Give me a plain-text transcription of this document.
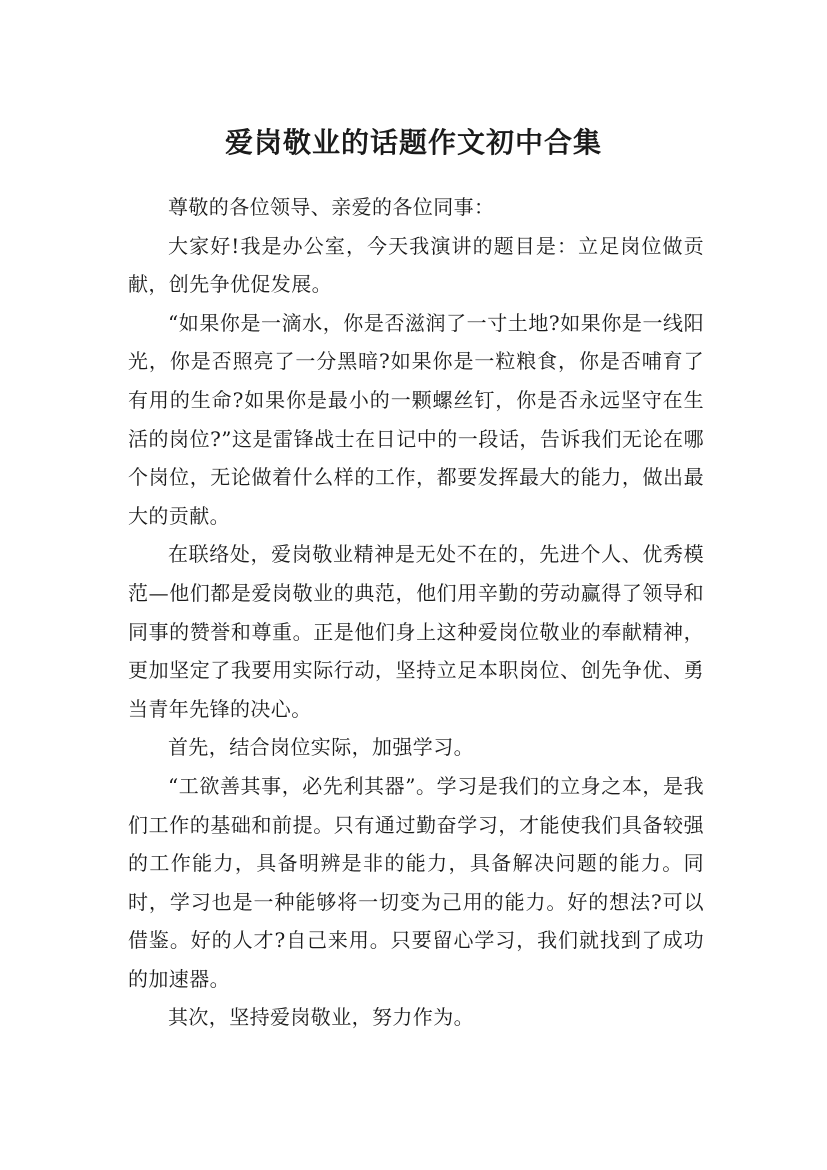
爱岗敬业的话题作文初中合集

尊敬的各位领导、亲爱的各位同事：

大家好!我是办公室，今天我演讲的题目是：立足岗位做贡献，创先争优促发展。

“如果你是一滴水，你是否滋润了一寸土地?如果你是一线阳光，你是否照亮了一分黑暗?如果你是一粒粮食，你是否哺育了有用的生命?如果你是最小的一颗螺丝钉，你是否永远坚守在生活的岗位?”这是雷锋战士在日记中的一段话，告诉我们无论在哪个岗位，无论做着什么样的工作，都要发挥最大的能力，做出最大的贡献。

在联络处，爱岗敬业精神是无处不在的，先进个人、优秀模范—他们都是爱岗敬业的典范，他们用辛勤的劳动赢得了领导和同事的赞誉和尊重。正是他们身上这种爱岗位敬业的奉献精神，更加坚定了我要用实际行动，坚持立足本职岗位、创先争优、勇当青年先锋的决心。

首先，结合岗位实际，加强学习。

“工欲善其事，必先利其器”。学习是我们的立身之本，是我们工作的基础和前提。只有通过勤奋学习，才能使我们具备较强的工作能力，具备明辨是非的能力，具备解决问题的能力。同时，学习也是一种能够将一切变为己用的能力。好的想法?可以借鉴。好的人才?自己来用。只要留心学习，我们就找到了成功的加速器。

其次，坚持爱岗敬业，努力作为。
